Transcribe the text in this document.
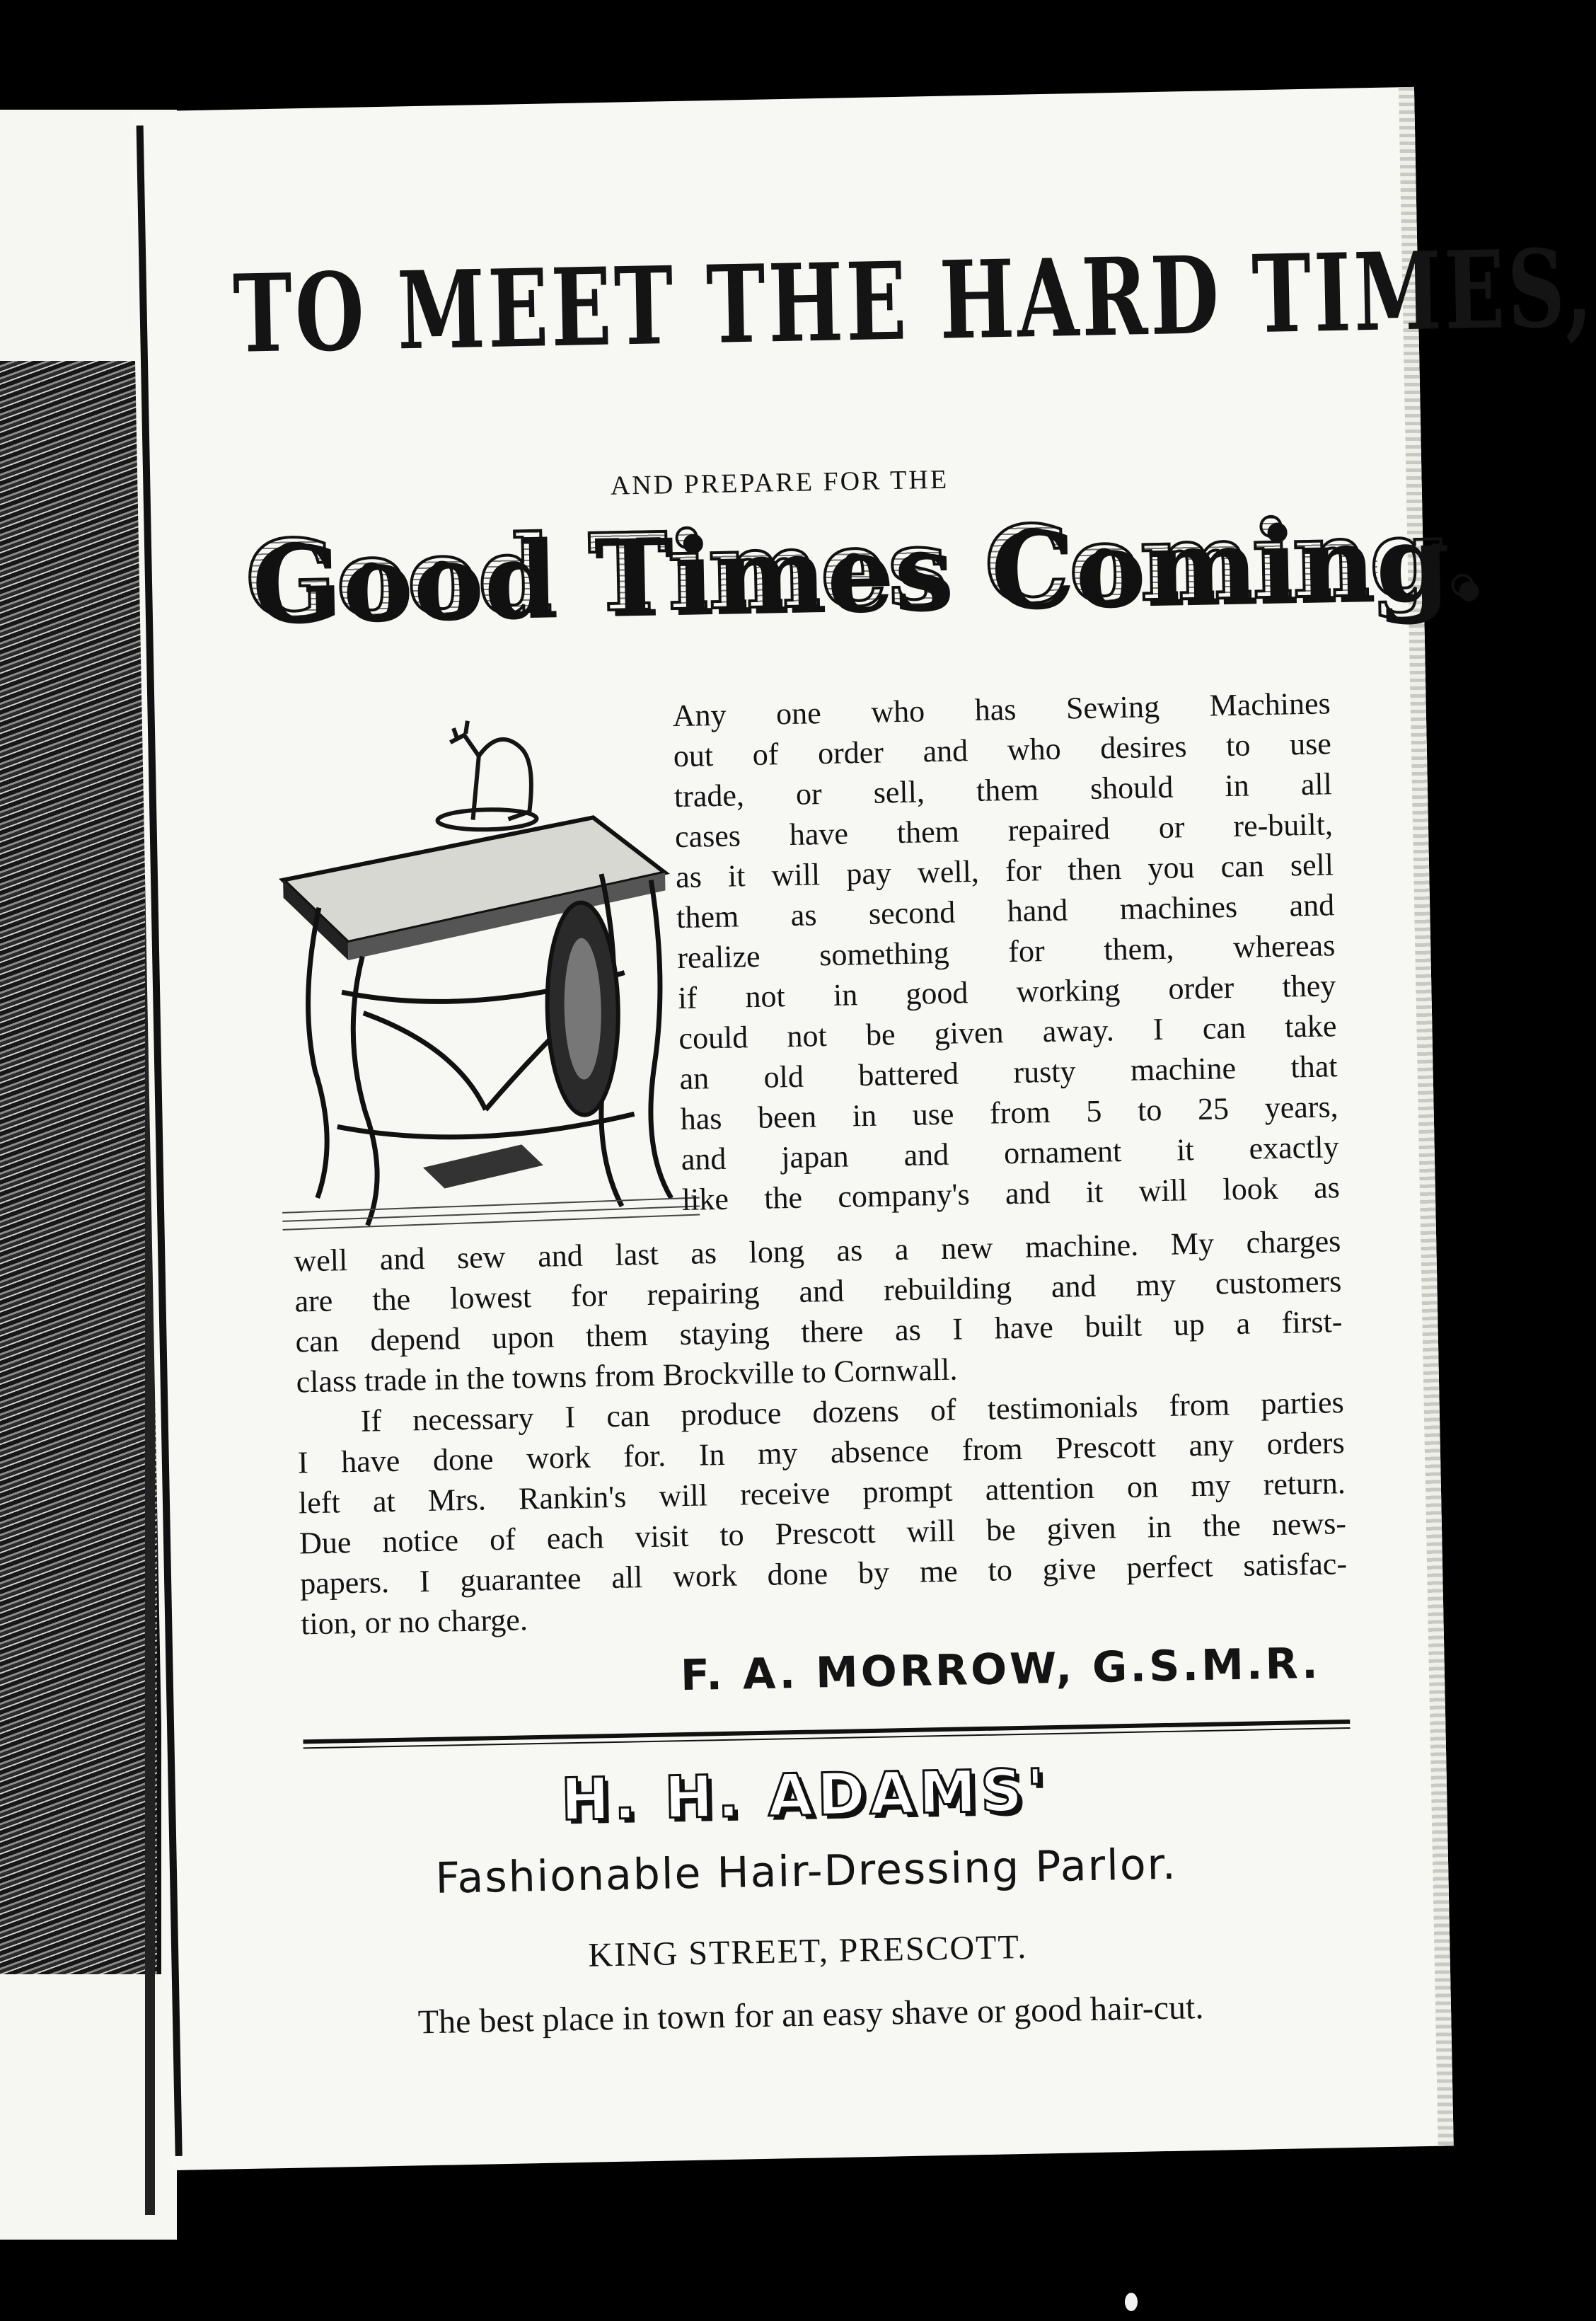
TO MEET THE HARD TIMES,
AND PREPARE FOR THE
Good Times Coming.
Any one who has Sewing Machines
out of order and who desires to use
trade, or sell, them should in all
cases have them repaired or re-built,
as it will pay well, for then you can sell
them as second hand machines and
realize something for them, whereas
if not in good working order they
could not be given away. I can take
an old battered rusty machine that
has been in use from 5 to 25 years,
and japan and ornament it exactly
like the company's and it will look as
well and sew and last as long as a new machine. My charges
are the lowest for repairing and rebuilding and my customers
can depend upon them staying there as I have built up a first-
class trade in the towns from Brockville to Cornwall.
If necessary I can produce dozens of testimonials from parties
I have done work for. In my absence from Prescott any orders
left at Mrs. Rankin's will receive prompt attention on my return.
Due notice of each visit to Prescott will be given in the news-
papers. I guarantee all work done by me to give perfect satisfac-
tion, or no charge.
F. A. MORROW, G.S.M.R.
H. H. ADAMS'
Fashionable Hair-Dressing Parlor.
KING STREET, PRESCOTT.
The best place in town for an easy shave or good hair-cut.
